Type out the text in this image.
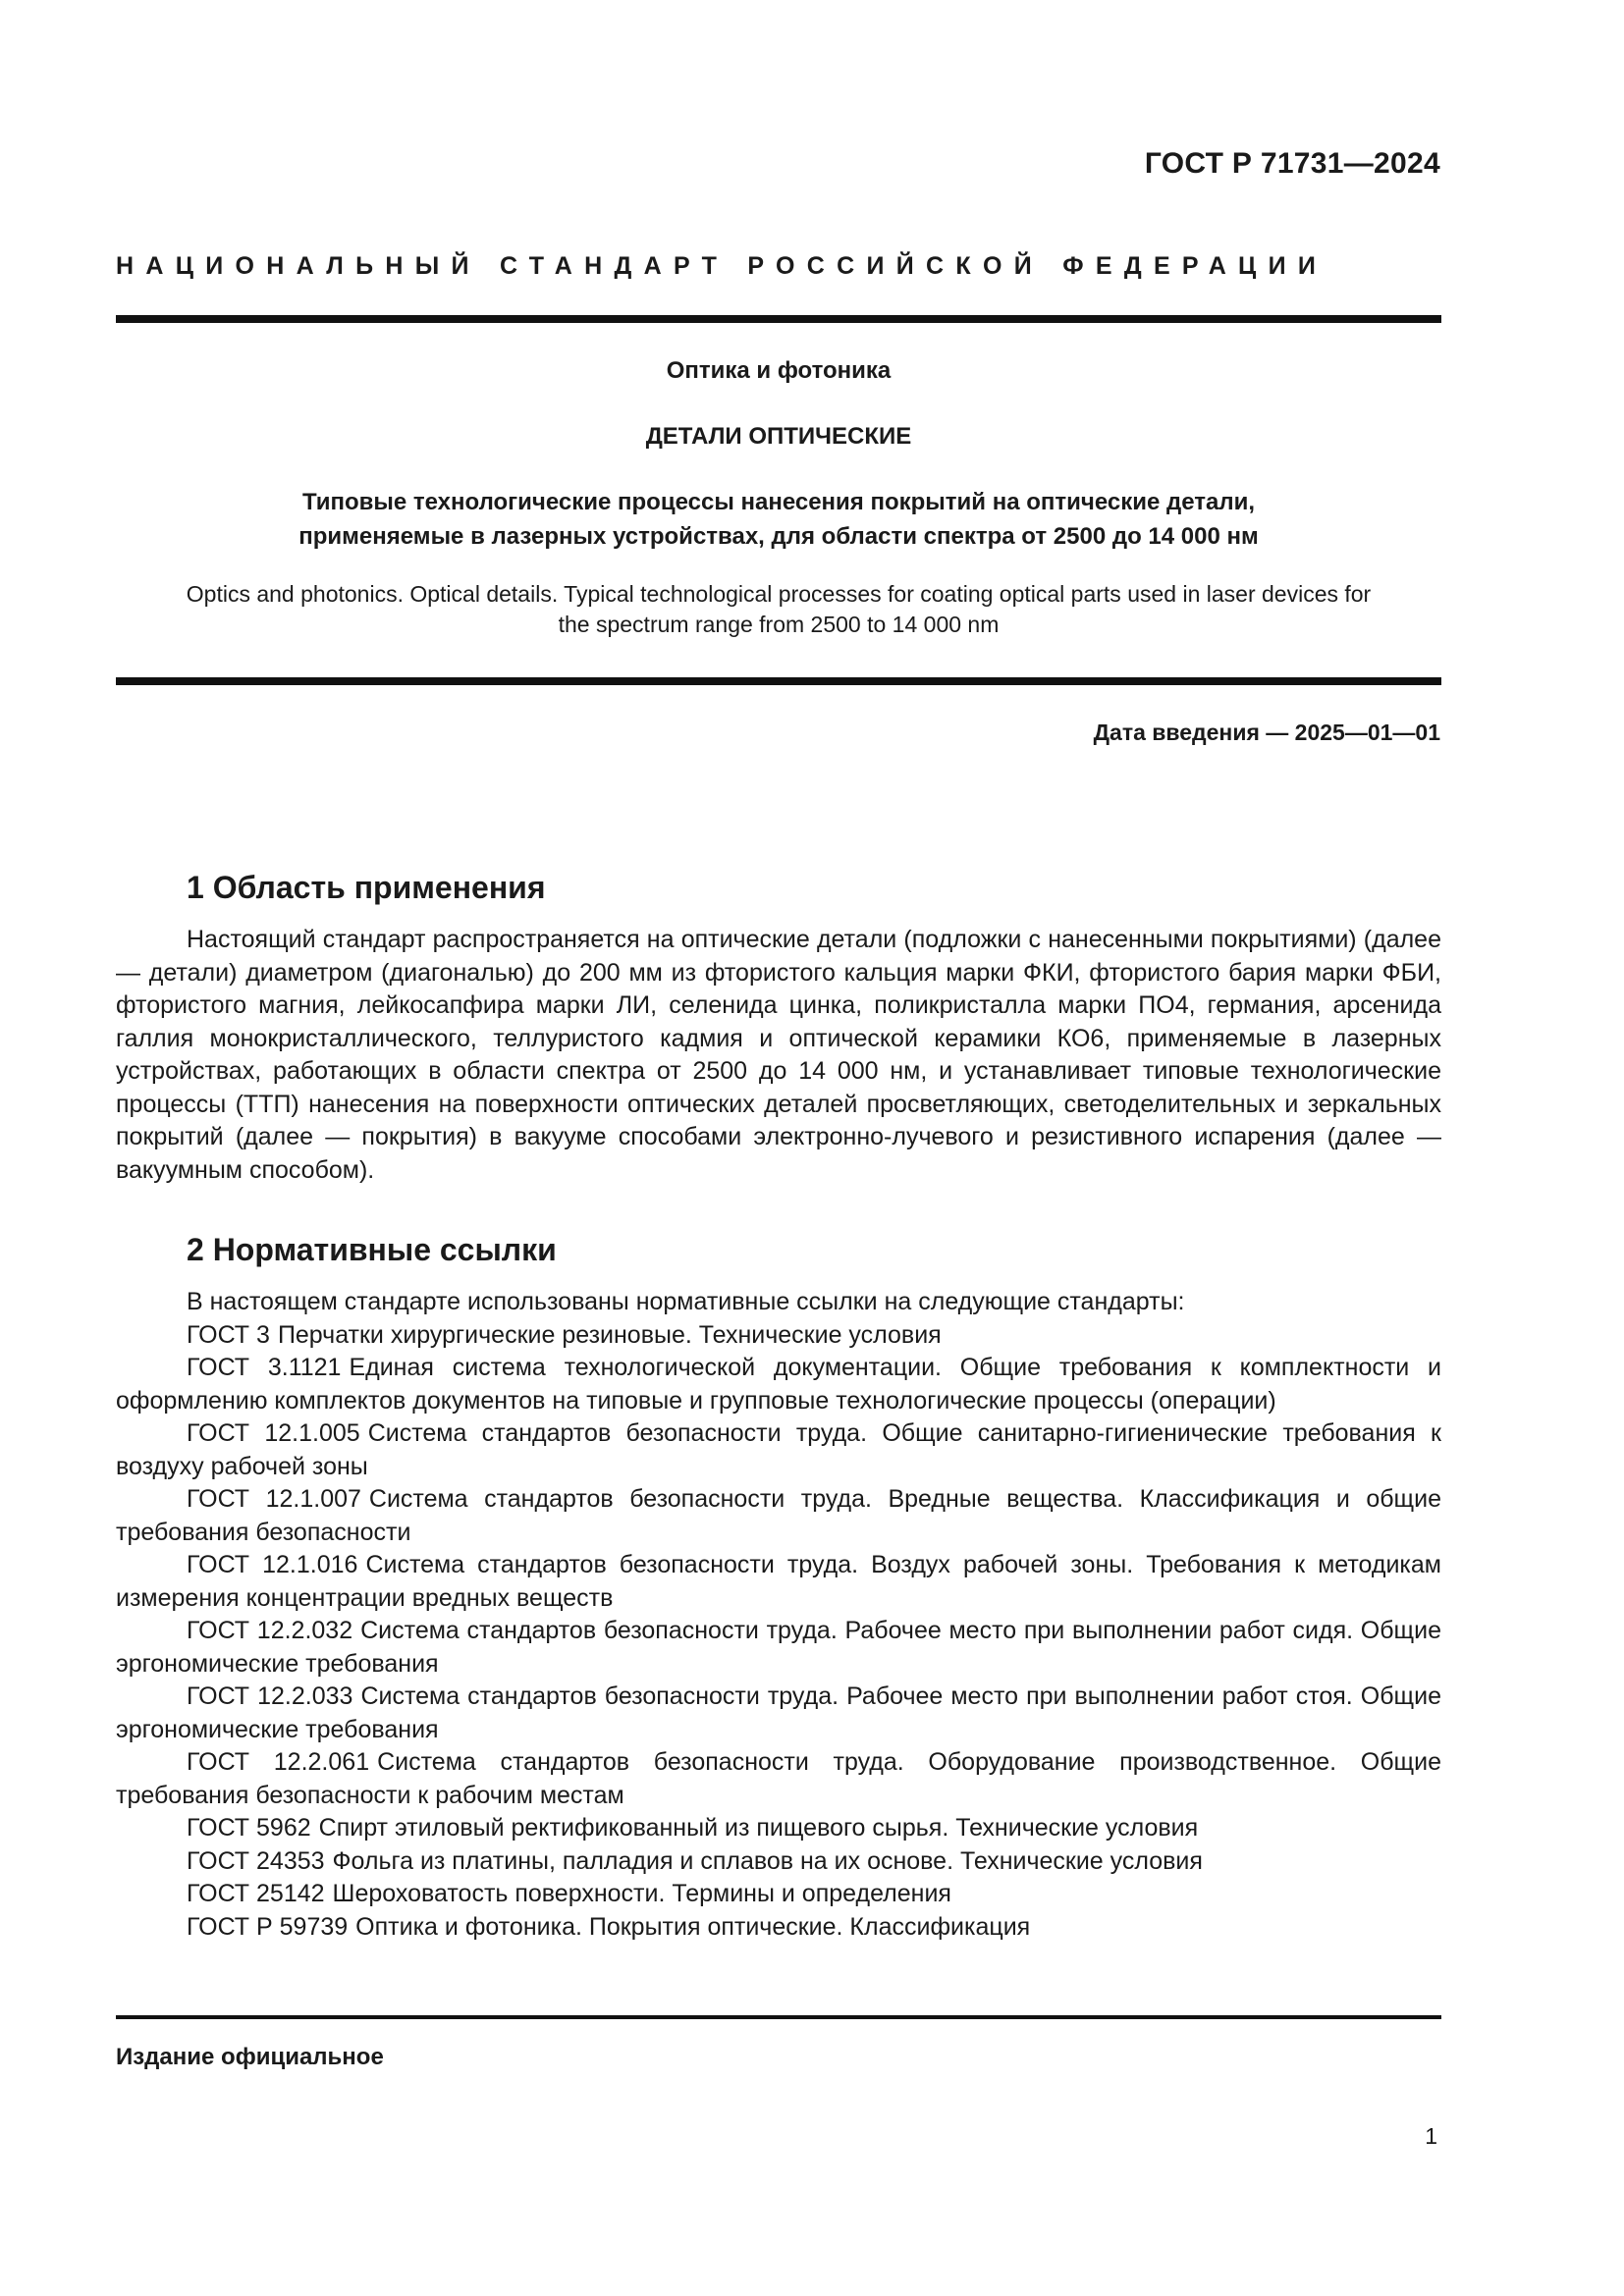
ГОСТ Р 71731—2024
НАЦИОНАЛЬНЫЙ СТАНДАРТ РОССИЙСКОЙ ФЕДЕРАЦИИ
Оптика и фотоника
ДЕТАЛИ ОПТИЧЕСКИЕ
Типовые технологические процессы нанесения покрытий на оптические детали,
применяемые в лазерных устройствах, для области спектра от 2500 до 14 000 нм
Optics and photonics. Optical details. Typical technological processes for coating optical parts used in laser devices for
the spectrum range from 2500 to 14 000 nm
Дата введения — 2025—01—01
1 Область применения

Настоящий стандарт распространяется на оптические детали (подложки с нанесенными покрытиями) (далее — детали) диаметром (диагональю) до 200 мм из фтористого кальция марки ФКИ, фтористого бария марки ФБИ, фтористого магния, лейкосапфира марки ЛИ, селенида цинка, поликристалла марки ПО4, германия, арсенида галлия монокристаллического, теллуристого кадмия и оптической керамики КО6, применяемые в лазерных устройствах, работающих в области спектра от 2500 до 14 000 нм, и устанавливает типовые технологические процессы (ТТП) нанесения на поверхности оптических деталей просветляющих, светоделительных и зеркальных покрытий (далее — покрытия) в вакууме способами электронно-лучевого и резистивного испарения (далее — вакуумным способом).

2 Нормативные ссылки

В настоящем стандарте использованы нормативные ссылки на следующие стандарты:

ГОСТ 3 Перчатки хирургические резиновые. Технические условия
ГОСТ 3.1121 Единая система технологической документации. Общие требования к комплектности и оформлению комплектов документов на типовые и групповые технологические процессы (операции)
ГОСТ 12.1.005 Система стандартов безопасности труда. Общие санитарно-гигиенические требования к воздуху рабочей зоны
ГОСТ 12.1.007 Система стандартов безопасности труда. Вредные вещества. Классификация и общие требования безопасности
ГОСТ 12.1.016 Система стандартов безопасности труда. Воздух рабочей зоны. Требования к методикам измерения концентрации вредных веществ
ГОСТ 12.2.032 Система стандартов безопасности труда. Рабочее место при выполнении работ сидя. Общие эргономические требования
ГОСТ 12.2.033 Система стандартов безопасности труда. Рабочее место при выполнении работ стоя. Общие эргономические требования
ГОСТ 12.2.061 Система стандартов безопасности труда. Оборудование производственное. Общие требования безопасности к рабочим местам
ГОСТ 5962 Спирт этиловый ректификованный из пищевого сырья. Технические условия
ГОСТ 24353 Фольга из платины, палладия и сплавов на их основе. Технические условия
ГОСТ 25142 Шероховатость поверхности. Термины и определения
ГОСТ Р 59739 Оптика и фотоника. Покрытия оптические. Классификация
Издание официальное
1
